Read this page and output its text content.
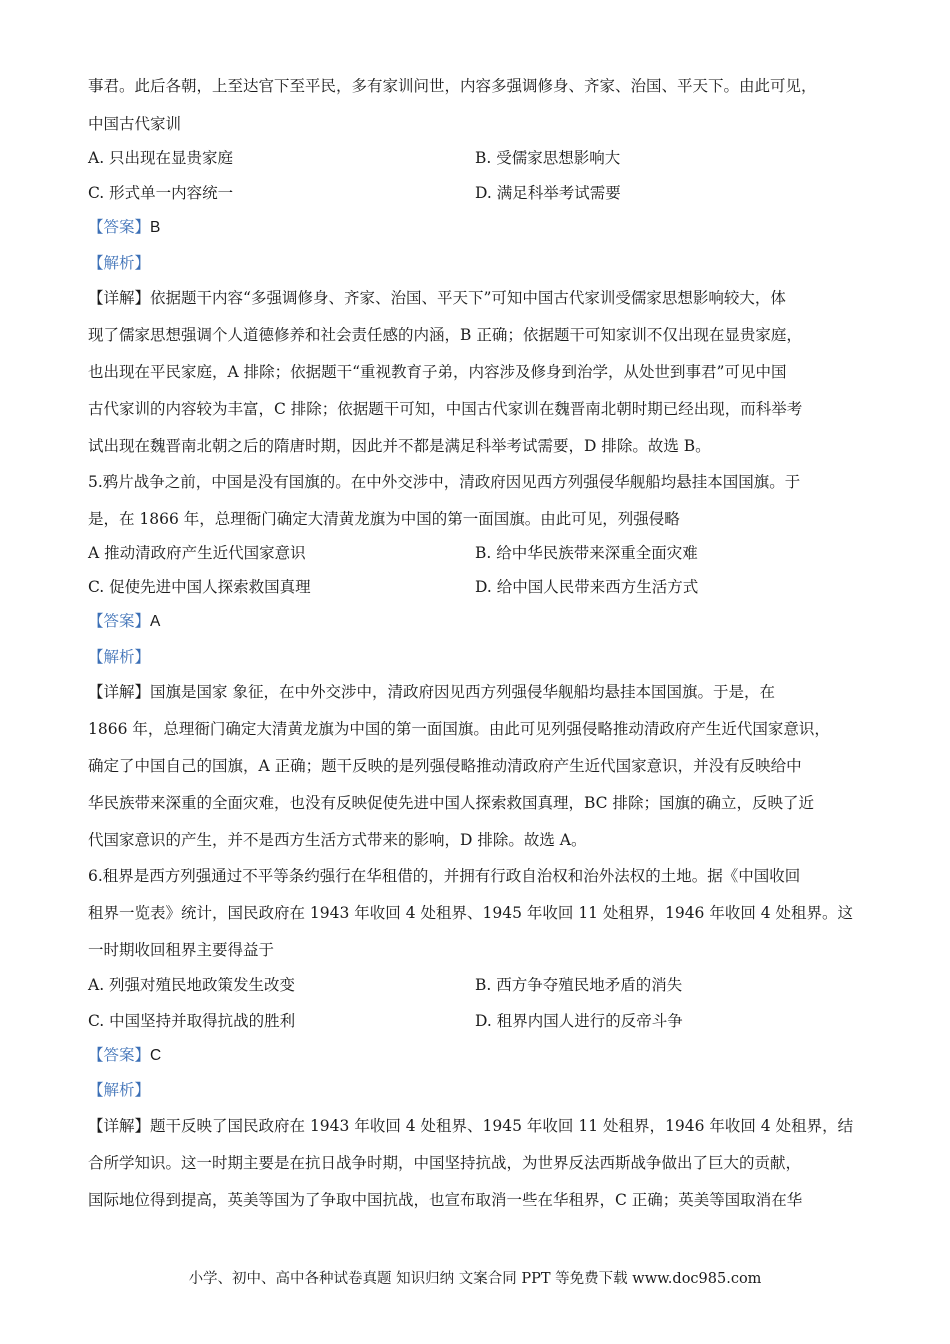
事君。此后各朝，上至达官下至平民，多有家训问世，内容多强调修身、齐家、治国、平天下。由此可见，
中国古代家训
A. 只出现在显贵家庭	B. 受儒家思想影响大
C. 形式单一内容统一	D. 满足科举考试需要
【答案】B
【解析】
【详解】依据题干内容“多强调修身、齐家、治国、平天下”可知中国古代家训受儒家思想影响较大，体
现了儒家思想强调个人道德修养和社会责任感的内涵，B 正确；依据题干可知家训不仅出现在显贵家庭，
也出现在平民家庭，A 排除；依据题干“重视教育子弟，内容涉及修身到治学，从处世到事君”可见中国
古代家训的内容较为丰富，C 排除；依据题干可知，中国古代家训在魏晋南北朝时期已经出现，而科举考
试出现在魏晋南北朝之后的隋唐时期，因此并不都是满足科举考试需要，D 排除。故选 B。
5.鸦片战争之前，中国是没有国旗的。在中外交涉中，清政府因见西方列强侵华舰船均悬挂本国国旗。于
是，在 1866 年，总理衙门确定大清黄龙旗为中国的第一面国旗。由此可见，列强侵略
A 推动清政府产生近代国家意识	B. 给中华民族带来深重全面灾难
C. 促使先进中国人探索救国真理	D. 给中国人民带来西方生活方式
【答案】A
【解析】
【详解】国旗是国家 象征，在中外交涉中，清政府因见西方列强侵华舰船均悬挂本国国旗。于是，在
1866 年，总理衙门确定大清黄龙旗为中国的第一面国旗。由此可见列强侵略推动清政府产生近代国家意识，
确定了中国自己的国旗，A 正确；题干反映的是列强侵略推动清政府产生近代国家意识，并没有反映给中
华民族带来深重的全面灾难，也没有反映促使先进中国人探索救国真理，BC 排除；国旗的确立，反映了近
代国家意识的产生，并不是西方生活方式带来的影响，D 排除。故选 A。
6.租界是西方列强通过不平等条约强行在华租借的，并拥有行政自治权和治外法权的土地。据《中国收回
租界一览表》统计，国民政府在 1943 年收回 4 处租界、1945 年收回 11 处租界，1946 年收回 4 处租界。这
一时期收回租界主要得益于
A. 列强对殖民地政策发生改变	B. 西方争夺殖民地矛盾的消失
C. 中国坚持并取得抗战的胜利	D. 租界内国人进行的反帝斗争
【答案】C
【解析】
【详解】题干反映了国民政府在 1943 年收回 4 处租界、1945 年收回 11 处租界，1946 年收回 4 处租界，结
合所学知识。这一时期主要是在抗日战争时期，中国坚持抗战，为世界反法西斯战争做出了巨大的贡献，
国际地位得到提高，英美等国为了争取中国抗战，也宣布取消一些在华租界，C 正确；英美等国取消在华
小学、初中、高中各种试卷真题 知识归纳 文案合同 PPT 等免费下载 www.doc985.com
